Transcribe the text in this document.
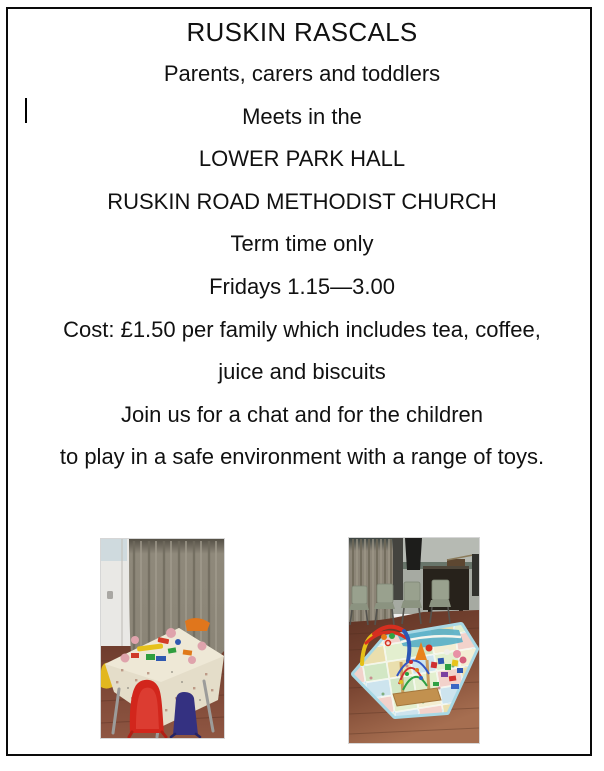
RUSKIN RASCALS
Parents, carers and toddlers
Meets in the
LOWER PARK HALL
RUSKIN ROAD METHODIST CHURCH
Term time only
Fridays 1.15—3.00
Cost: £1.50 per family which includes tea, coffee,
juice and biscuits
Join us for a chat and for the children
to play in a safe environment with a range of toys.
